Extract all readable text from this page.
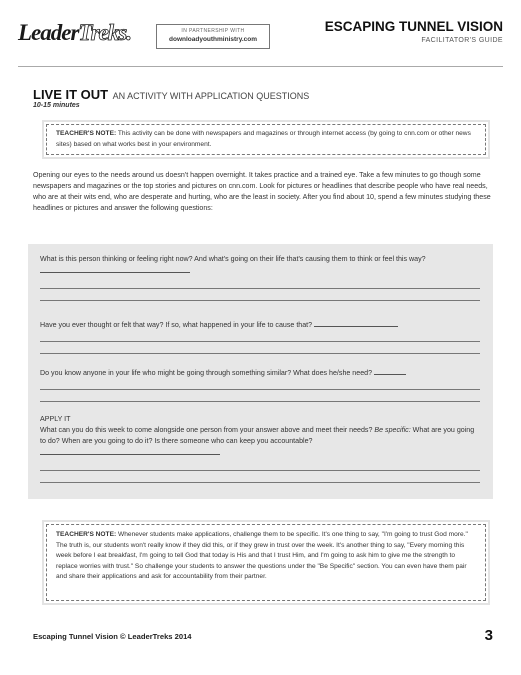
LeaderTreks.	IN PARTNERSHIP WITH
downloadyouthministry.com
ESCAPING TUNNEL VISION
FACILITATOR'S GUIDE
LIVE IT OUT AN ACTIVITY WITH APPLICATION QUESTIONS
10-15 minutes
TEACHER'S NOTE: This activity can be done with newspapers and magazines or through internet access (by going to cnn.com or other news sites) based on what works best in your environment.
Opening our eyes to the needs around us doesn't happen overnight. It takes practice and a trained eye. Take a few minutes to go though some newspapers and magazines or the top stories and pictures on cnn.com. Look for pictures or headlines that describe people who have real needs, who are at their wits end, who are desperate and hurting, who are the least in society. After you find about 10, spend a few minutes studying these headlines or pictures and answer the following questions:
What is this person thinking or feeling right now? And what's going on their life that's causing them to think or feel this way?
Have you ever thought or felt that way? If so, what happened in your life to cause that?
Do you know anyone in your life who might be going through something similar? What does he/she need?
APPLY IT
What can you do this week to come alongside one person from your answer above and meet their needs? Be specific: What are you going to do? When are you going to do it? Is there someone who can keep you accountable?
TEACHER'S NOTE: Whenever students make applications, challenge them to be specific. It's one thing to say, "I'm going to trust God more." The truth is, our students won't really know if they did this, or if they grew in trust over the week. It's another thing to say, "Every morning this week before I eat breakfast, I'm going to tell God that today is His and that I trust Him, and I'm going to ask him to give me the strength to replace worries with trust." So challenge your students to answer the questions under the "Be Specific" section. You can even have them pair and share their applications and ask for accountability from their partner.
Escaping Tunnel Vision © LeaderTreks 2014	3
